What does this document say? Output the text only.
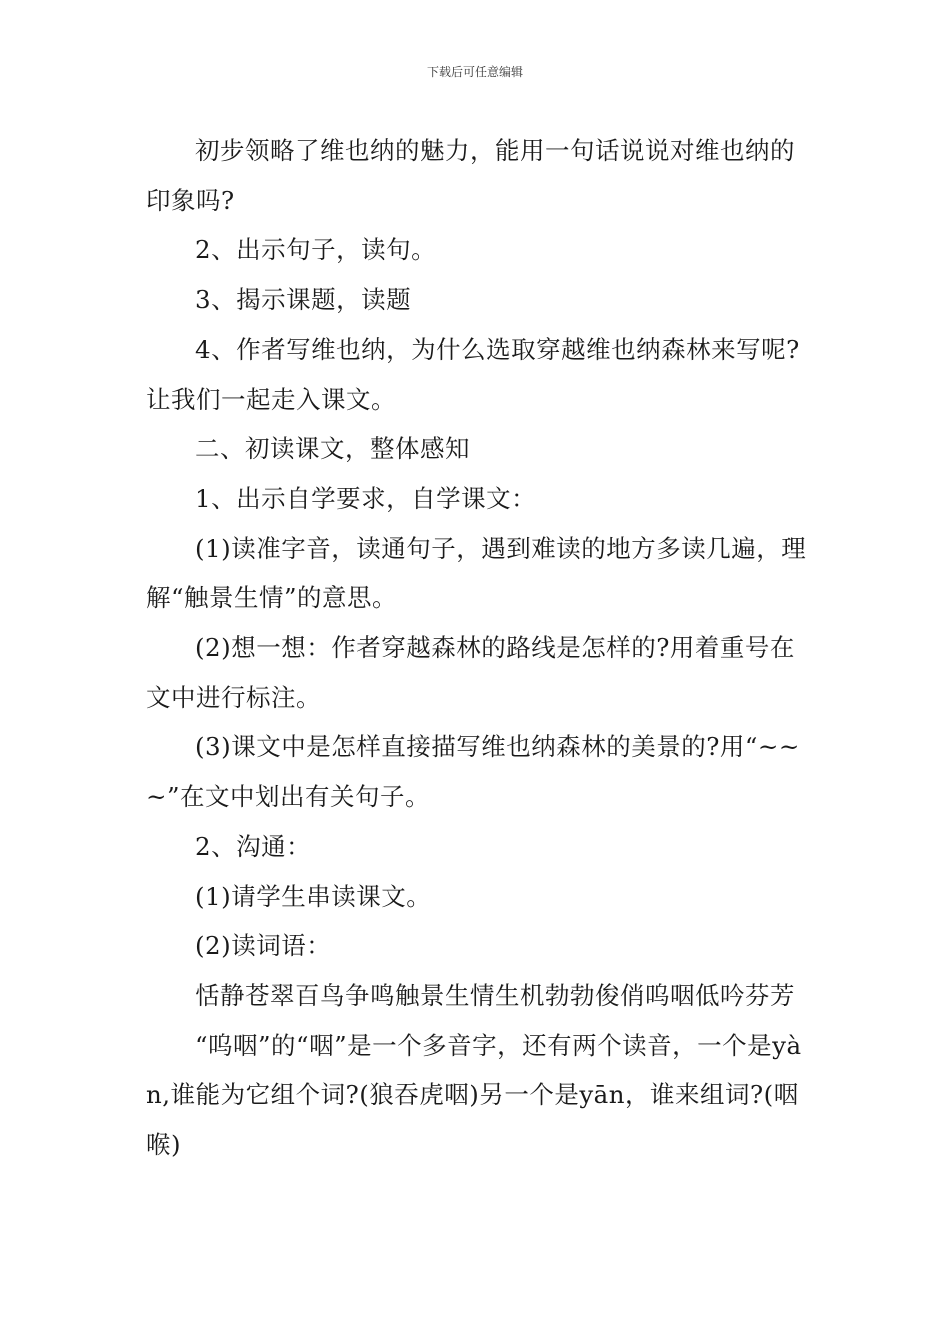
下载后可任意编辑

初步领略了维也纳的魅力，能用一句话说说对维也纳的印象吗?

2、出示句子，读句。

3、揭示课题，读题

4、作者写维也纳，为什么选取穿越维也纳森林来写呢?让我们一起走入课文。

二、初读课文，整体感知

1、出示自学要求，自学课文：

(1)读准字音，读通句子，遇到难读的地方多读几遍，理解“触景生情”的意思。

(2)想一想：作者穿越森林的路线是怎样的?用着重号在文中进行标注。

(3)课文中是怎样直接描写维也纳森林的美景的?用“~~~”在文中划出有关句子。

2、沟通：

(1)请学生串读课文。

(2)读词语：

恬静苍翠百鸟争鸣触景生情生机勃勃俊俏呜咽低吟芬芳

“呜咽”的“咽”是一个多音字，还有两个读音，一个是yàn,谁能为它组个词?(狼吞虎咽)另一个是yān，谁来组词?(咽喉)
